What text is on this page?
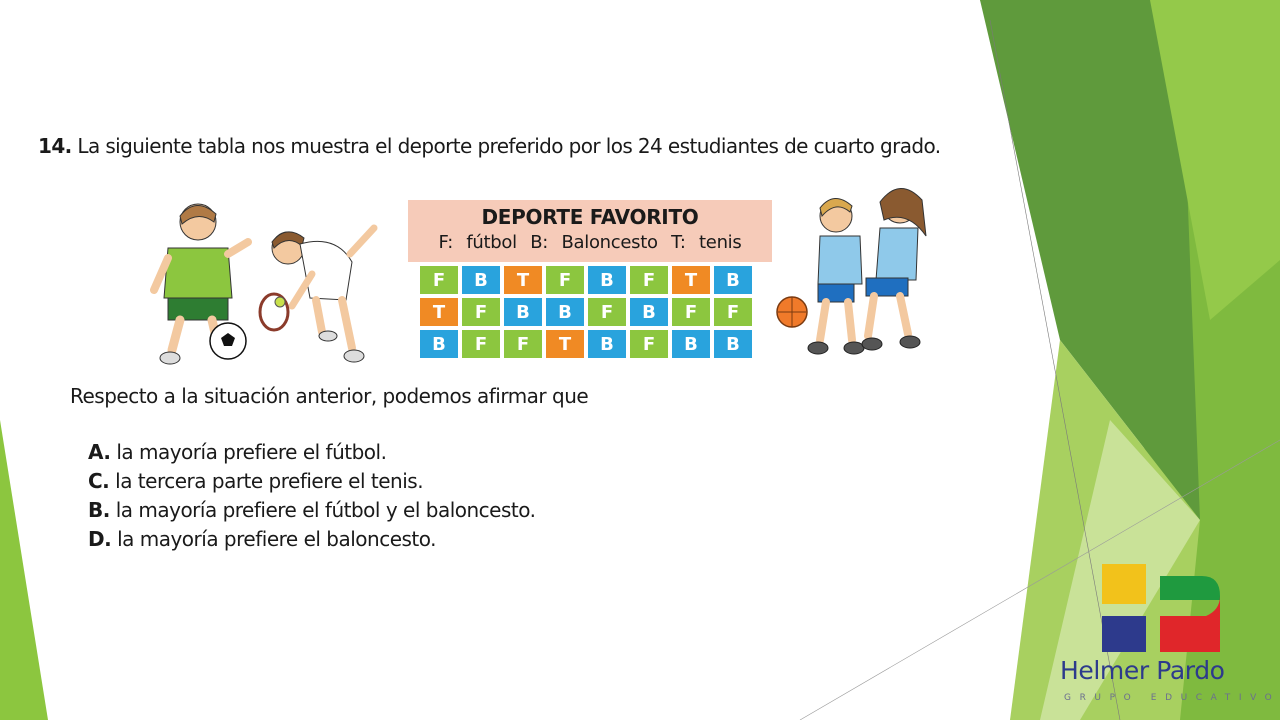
14. La siguiente tabla nos muestra el deporte preferido por los 24 estudiantes de cuarto grado.
DEPORTE FAVORITO
F: fútbol B: Baloncesto T: tenis
F	B	T	F	B	F	T	B
T	F	B	B	F	B	F	F
B	F	F	T	B	F	B	B
Respecto a la situación anterior, podemos afirmar que
A. la mayoría prefiere el fútbol.
C. la tercera parte prefiere el tenis.
B. la mayoría prefiere el fútbol y el baloncesto.
D. la mayoría prefiere el baloncesto.
Helmer Pardo
GRUPO EDUCATIVO
